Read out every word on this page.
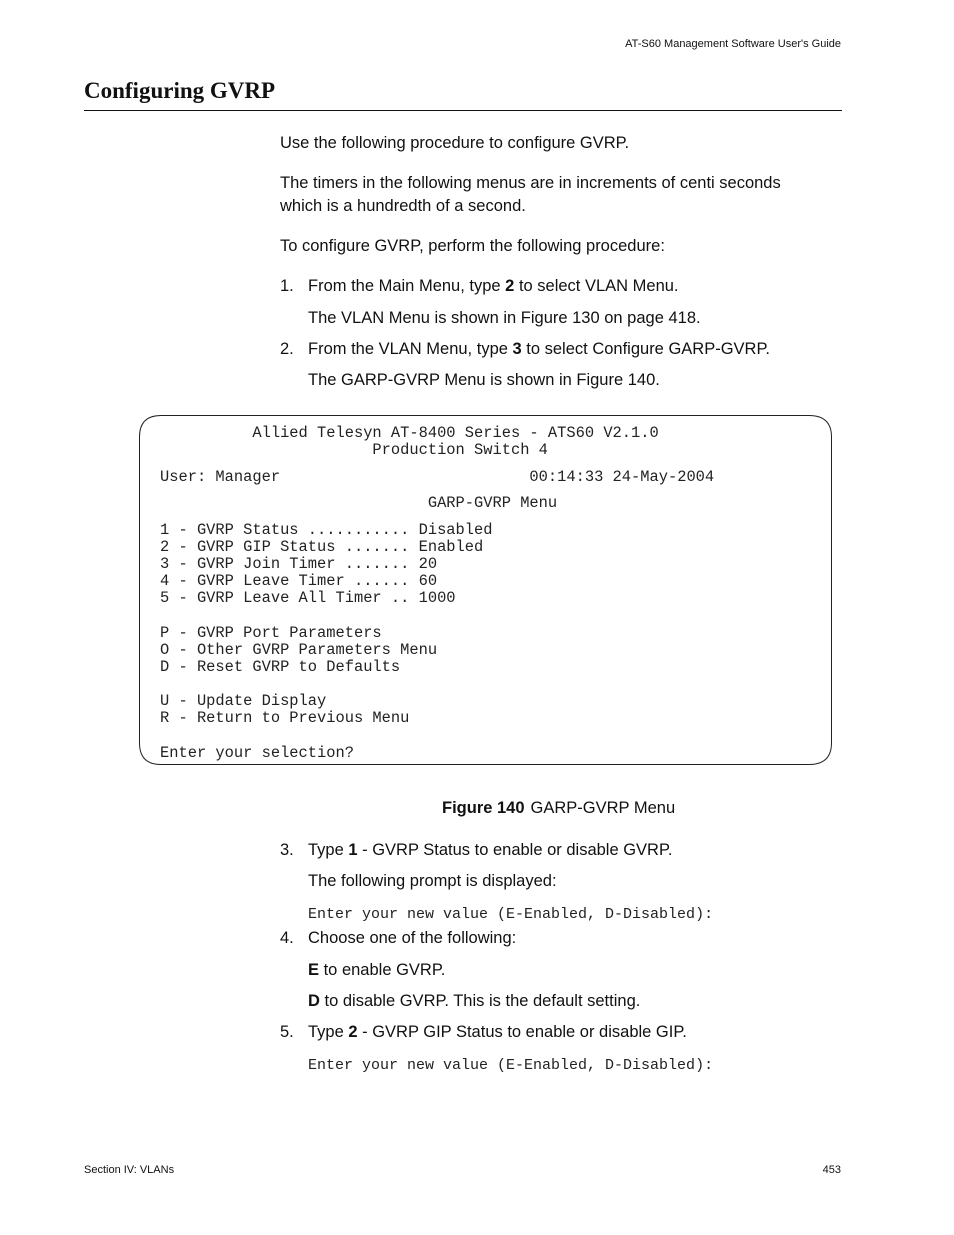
AT-S60 Management Software User's Guide
Configuring GVRP

Use the following procedure to configure GVRP.

The timers in the following menus are in increments of centi seconds which is a hundredth of a second.

To configure GVRP, perform the following procedure:

1. From the Main Menu, type 2 to select VLAN Menu.
The VLAN Menu is shown in Figure 130 on page 418.
2. From the VLAN Menu, type 3 to select Configure GARP-GVRP.
The GARP-GVRP Menu is shown in Figure 140.
Allied Telesyn AT-8400 Series - ATS60 V2.1.0
Production Switch 4
User: Manager                           00:14:33 24-May-2004
GARP-GVRP Menu
1 - GVRP Status ........... Disabled
2 - GVRP GIP Status ....... Enabled
3 - GVRP Join Timer ....... 20
4 - GVRP Leave Timer ...... 60
5 - GVRP Leave All Timer .. 1000
P - GVRP Port Parameters
O - Other GVRP Parameters Menu
D - Reset GVRP to Defaults
U - Update Display
R - Return to Previous Menu
Enter your selection?
Figure 140 GARP-GVRP Menu
3. Type 1 - GVRP Status to enable or disable GVRP.
The following prompt is displayed:
Enter your new value (E-Enabled, D-Disabled):
4. Choose one of the following:
E to enable GVRP.
D to disable GVRP. This is the default setting.
5. Type 2 - GVRP GIP Status to enable or disable GIP.
Enter your new value (E-Enabled, D-Disabled):
Section IV: VLANs	453
